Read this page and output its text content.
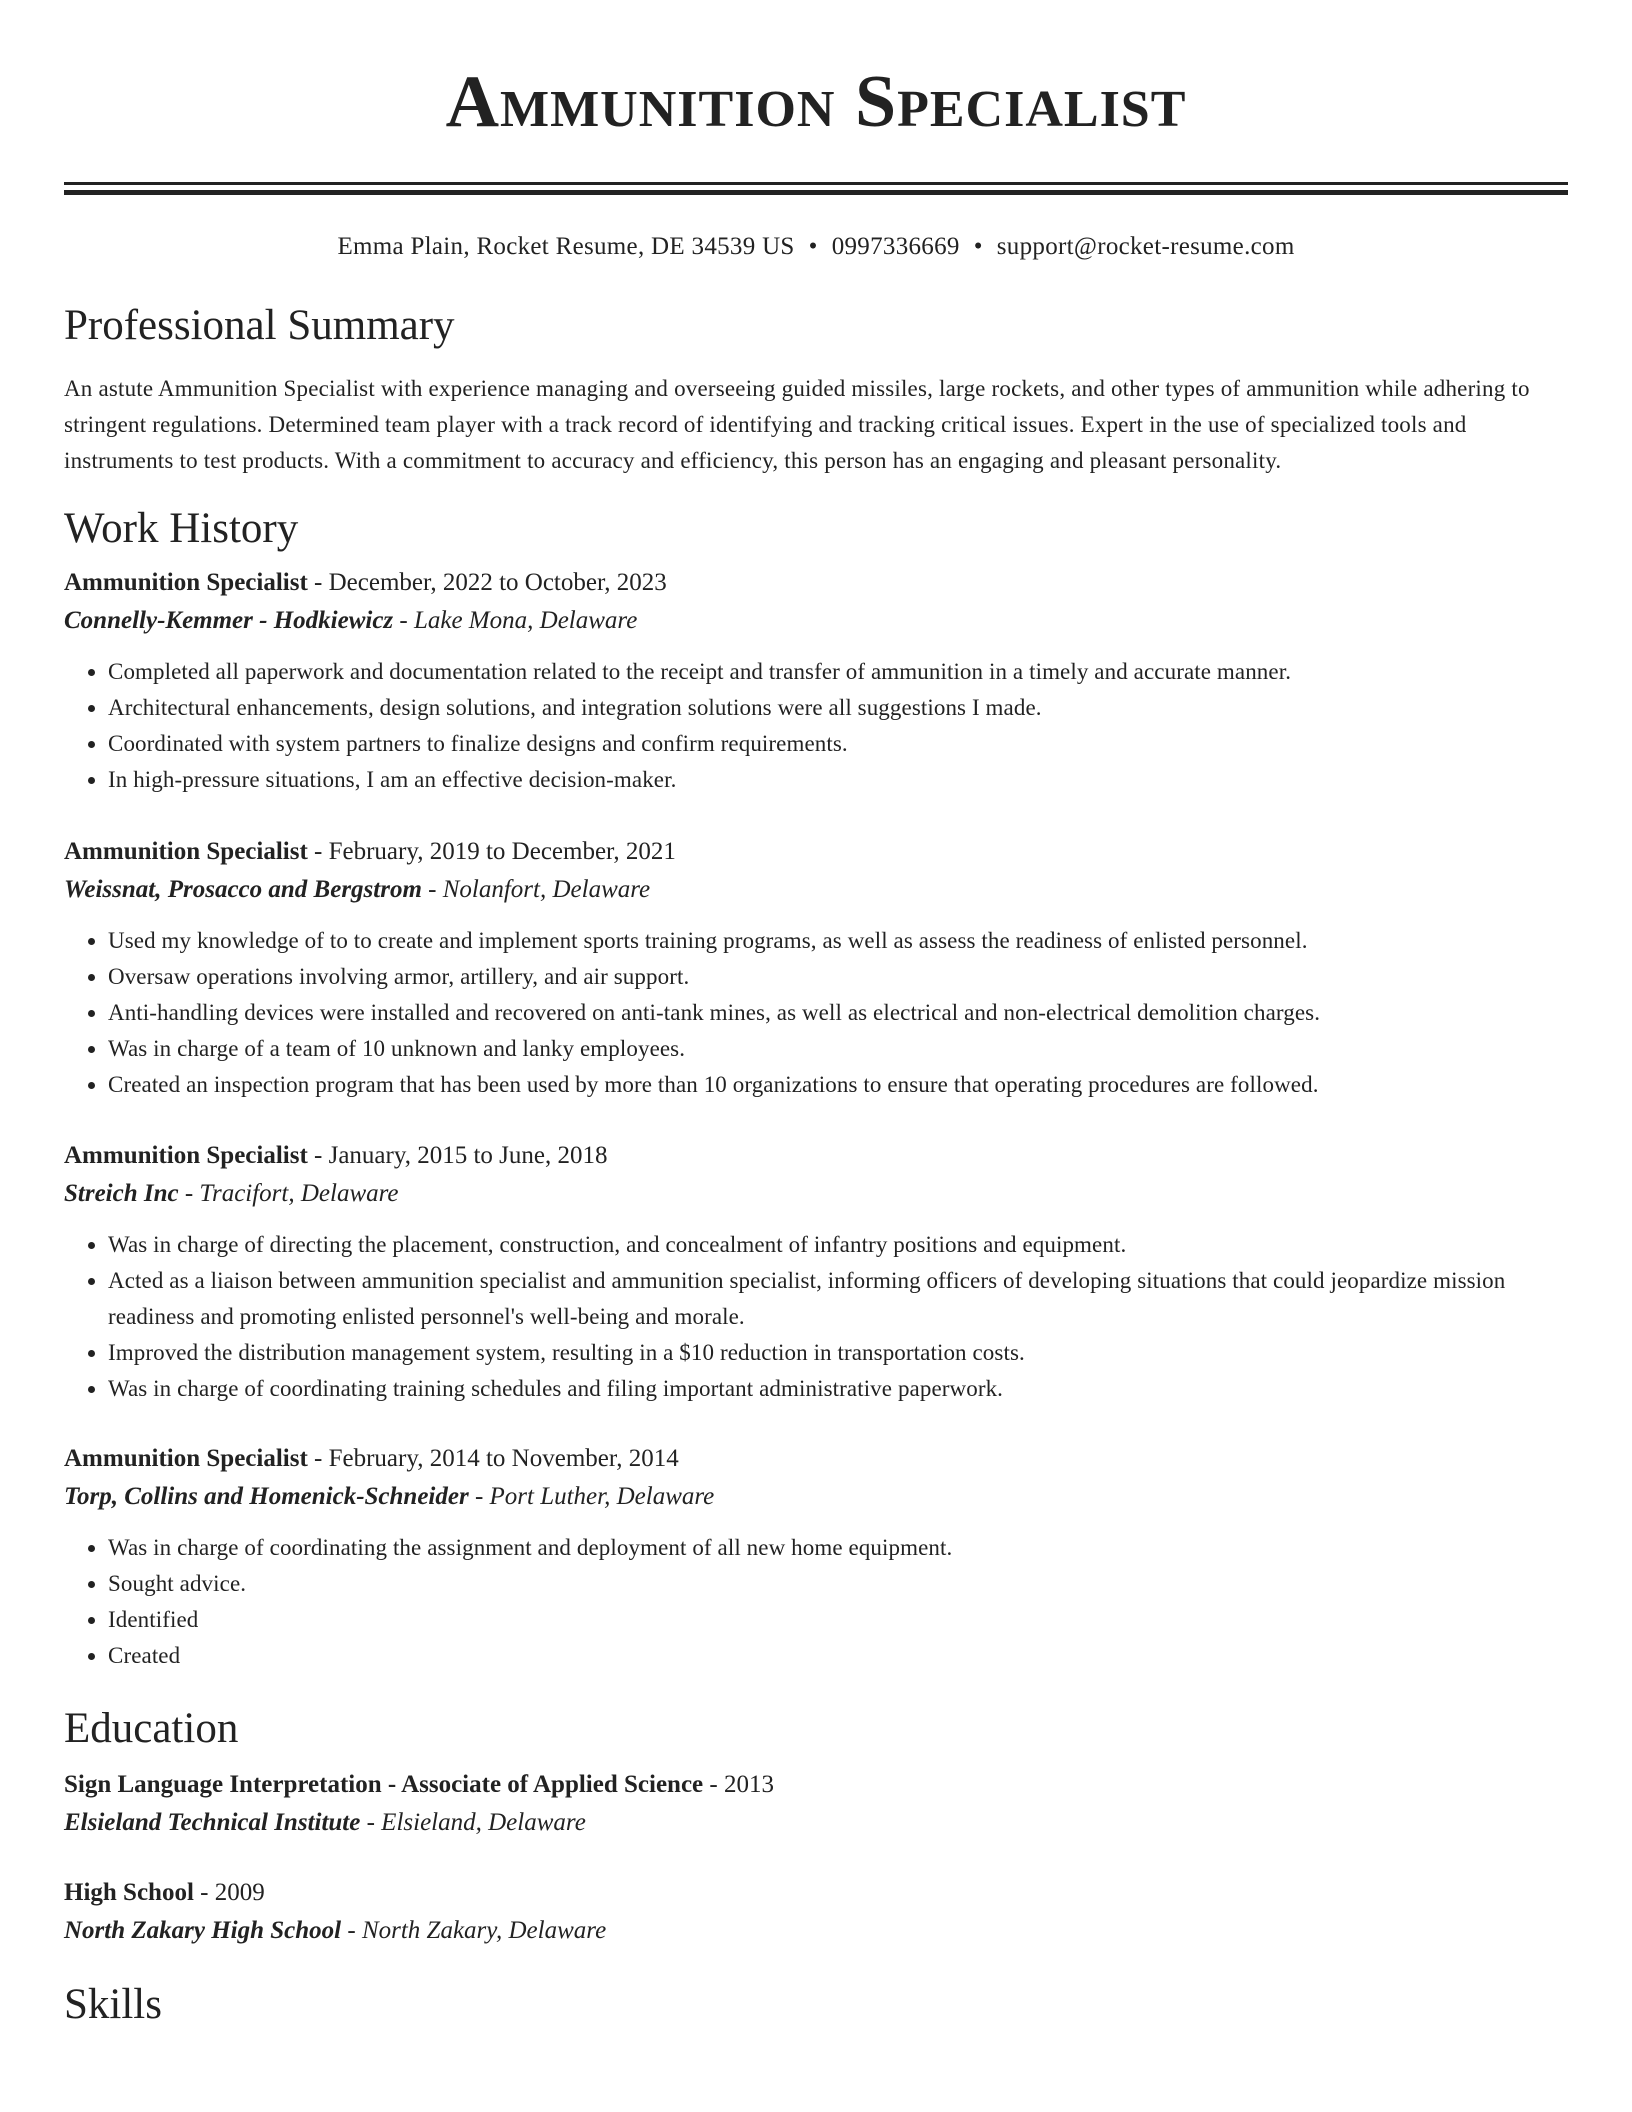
Ammunition Specialist
Emma Plain, Rocket Resume, DE 34539 US • 0997336669 • support@rocket-resume.com
Professional Summary
An astute Ammunition Specialist with experience managing and overseeing guided missiles, large rockets, and other types of ammunition while adhering to stringent regulations. Determined team player with a track record of identifying and tracking critical issues. Expert in the use of specialized tools and instruments to test products. With a commitment to accuracy and efficiency, this person has an engaging and pleasant personality.
Work History
Ammunition Specialist - December, 2022 to October, 2023
Connelly-Kemmer - Hodkiewicz - Lake Mona, Delaware
• Completed all paperwork and documentation related to the receipt and transfer of ammunition in a timely and accurate manner.
• Architectural enhancements, design solutions, and integration solutions were all suggestions I made.
• Coordinated with system partners to finalize designs and confirm requirements.
• In high-pressure situations, I am an effective decision-maker.
Ammunition Specialist - February, 2019 to December, 2021
Weissnat, Prosacco and Bergstrom - Nolanfort, Delaware
• Used my knowledge of to to create and implement sports training programs, as well as assess the readiness of enlisted personnel.
• Oversaw operations involving armor, artillery, and air support.
• Anti-handling devices were installed and recovered on anti-tank mines, as well as electrical and non-electrical demolition charges.
• Was in charge of a team of 10 unknown and lanky employees.
• Created an inspection program that has been used by more than 10 organizations to ensure that operating procedures are followed.
Ammunition Specialist - January, 2015 to June, 2018
Streich Inc - Tracifort, Delaware
• Was in charge of directing the placement, construction, and concealment of infantry positions and equipment.
• Acted as a liaison between ammunition specialist and ammunition specialist, informing officers of developing situations that could jeopardize mission readiness and promoting enlisted personnel's well-being and morale.
• Improved the distribution management system, resulting in a $10 reduction in transportation costs.
• Was in charge of coordinating training schedules and filing important administrative paperwork.
Ammunition Specialist - February, 2014 to November, 2014
Torp, Collins and Homenick-Schneider - Port Luther, Delaware
• Was in charge of coordinating the assignment and deployment of all new home equipment.
• Sought advice.
• Identified
• Created
Education
Sign Language Interpretation - Associate of Applied Science - 2013
Elsieland Technical Institute - Elsieland, Delaware
High School - 2009
North Zakary High School - North Zakary, Delaware
Skills
